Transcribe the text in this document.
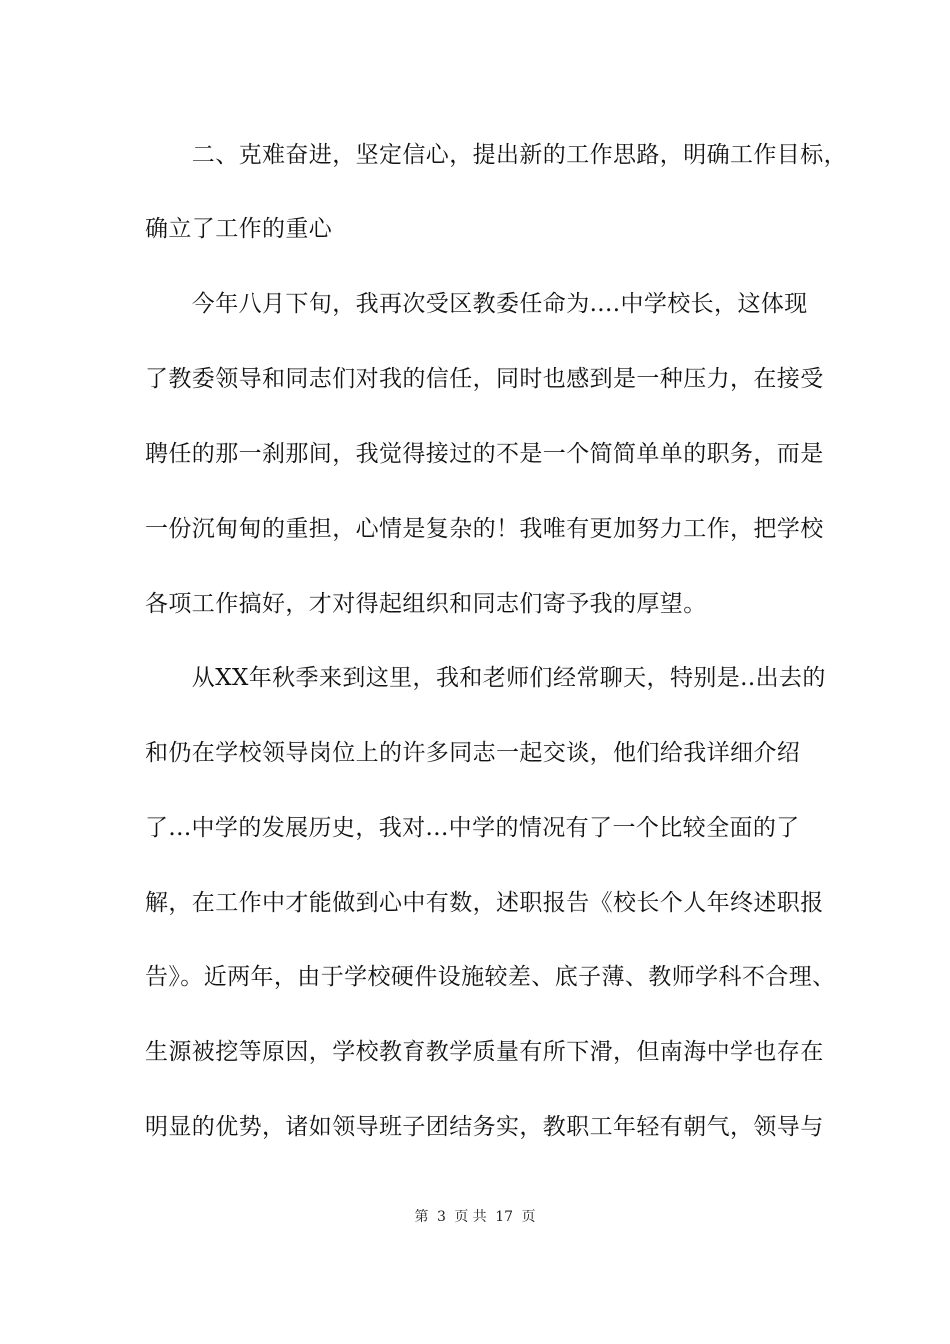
　　二、克难奋进，坚定信心，提出新的工作思路，明确工作目标，
确立了工作的重心
　　今年八月下旬，我再次受区教委任命为....中学校长，这体现
了教委领导和同志们对我的信任，同时也感到是一种压力，在接受
聘任的那一刹那间，我觉得接过的不是一个简简单单的职务，而是
一份沉甸甸的重担，心情是复杂的！我唯有更加努力工作，把学校
各项工作搞好，才对得起组织和同志们寄予我的厚望。
　　从XX年秋季来到这里，我和老师们经常聊天，特别是..出去的
和仍在学校领导岗位上的许多同志一起交谈，他们给我详细介绍
了...中学的发展历史，我对...中学的情况有了一个比较全面的了
解，在工作中才能做到心中有数，述职报告《校长个人年终述职报
告》。近两年，由于学校硬件设施较差、底子薄、教师学科不合理、
生源被挖等原因，学校教育教学质量有所下滑，但南海中学也存在
明显的优势，诸如领导班子团结务实，教职工年轻有朝气，领导与
第 3 页 共 17 页
